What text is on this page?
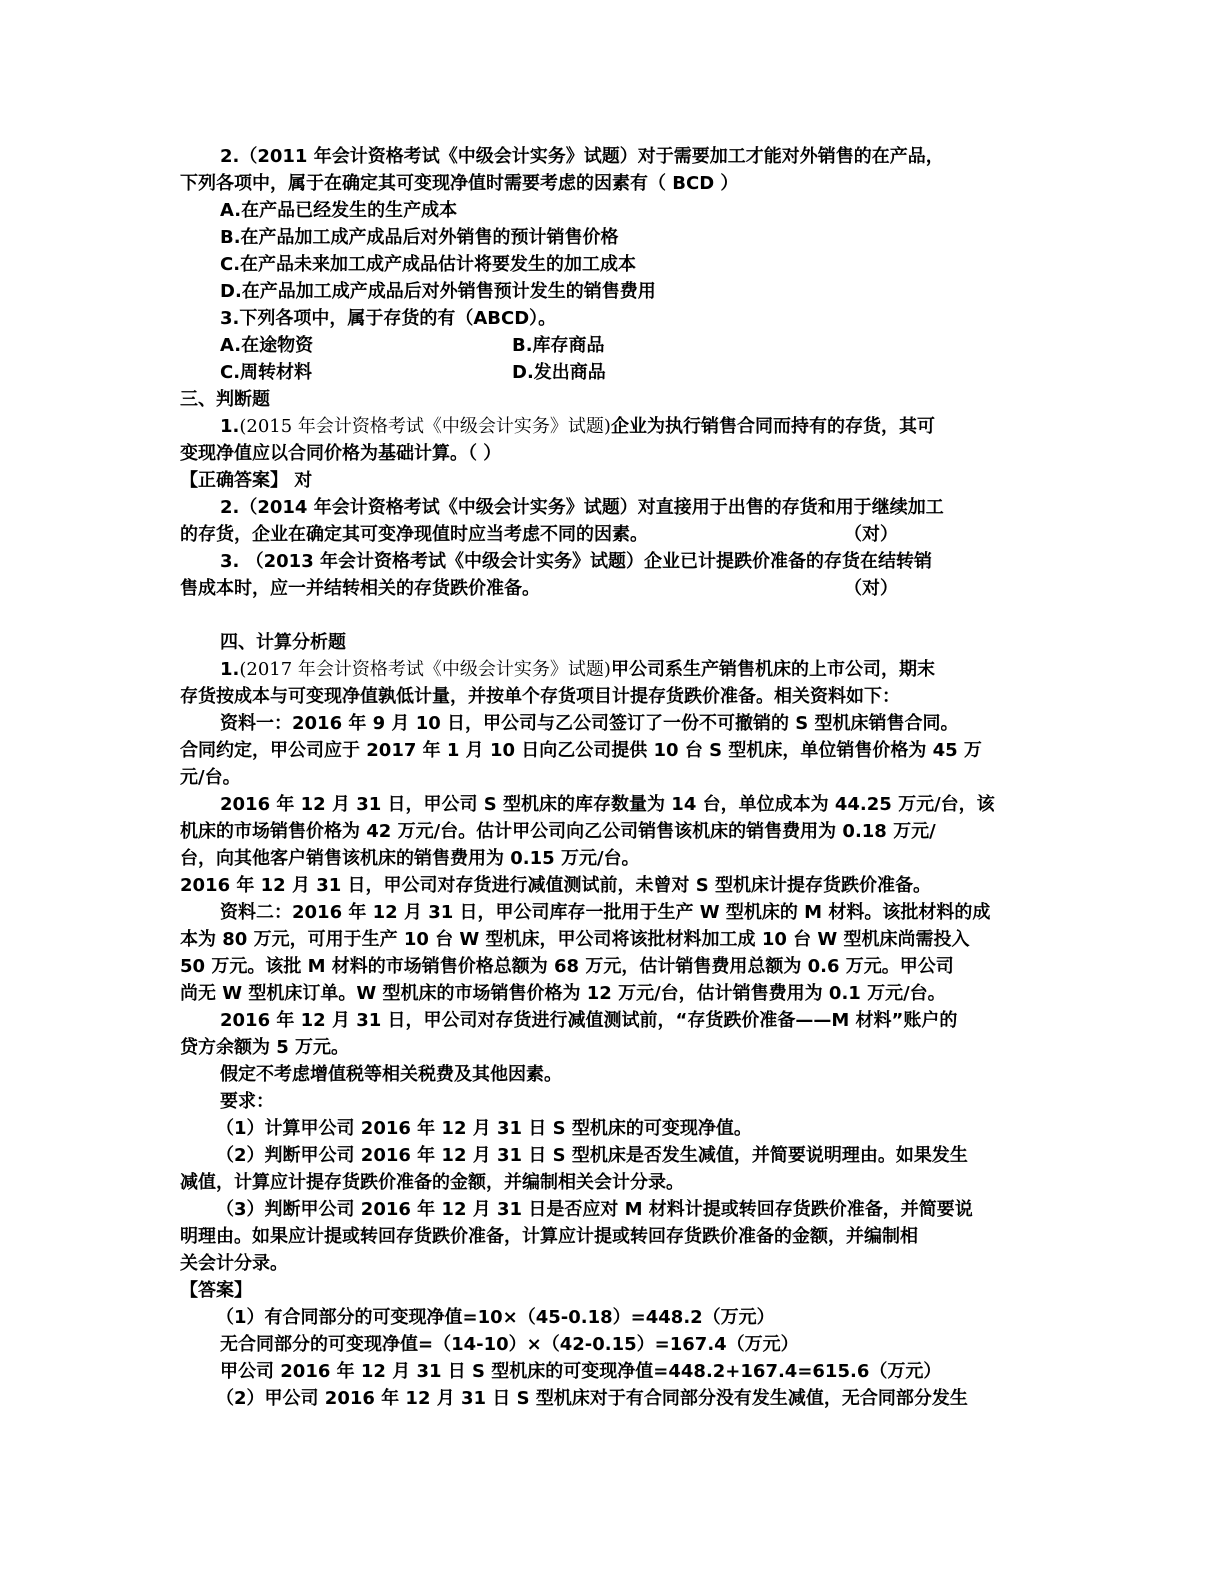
2.（2011 年会计资格考试《中级会计实务》试题）对于需要加工才能对外销售的在产品，
下列各项中，属于在确定其可变现净值时需要考虑的因素有（ BCD ）
A.在产品已经发生的生产成本
B.在产品加工成产成品后对外销售的预计销售价格
C.在产品未来加工成产成品估计将要发生的加工成本
D.在产品加工成产成品后对外销售预计发生的销售费用
3.下列各项中，属于存货的有（ABCD）。
A.在途物资	B.库存商品
C.周转材料	D.发出商品
三、判断题
1.(2015 年会计资格考试《中级会计实务》试题)企业为执行销售合同而持有的存货，其可
变现净值应以合同价格为基础计算。（ ）
【正确答案】 对
2.（2014 年会计资格考试《中级会计实务》试题）对直接用于出售的存货和用于继续加工
的存货，企业在确定其可变净现值时应当考虑不同的因素。	（对）
3. （2013 年会计资格考试《中级会计实务》试题）企业已计提跌价准备的存货在结转销
售成本时，应一并结转相关的存货跌价准备。	（对）
四、计算分析题
1.(2017 年会计资格考试《中级会计实务》试题)甲公司系生产销售机床的上市公司，期末
存货按成本与可变现净值孰低计量，并按单个存货项目计提存货跌价准备。相关资料如下：
资料一：2016 年 9 月 10 日，甲公司与乙公司签订了一份不可撤销的 S 型机床销售合同。
合同约定，甲公司应于 2017 年 1 月 10 日向乙公司提供 10 台 S 型机床，单位销售价格为 45 万
元/台。
2016 年 12 月 31 日，甲公司 S 型机床的库存数量为 14 台，单位成本为 44.25 万元/台，该
机床的市场销售价格为 42 万元/台。估计甲公司向乙公司销售该机床的销售费用为 0.18 万元/
台，向其他客户销售该机床的销售费用为 0.15 万元/台。
2016 年 12 月 31 日，甲公司对存货进行减值测试前，未曾对 S 型机床计提存货跌价准备。
资料二：2016 年 12 月 31 日，甲公司库存一批用于生产 W 型机床的 M 材料。该批材料的成
本为 80 万元，可用于生产 10 台 W 型机床，甲公司将该批材料加工成 10 台 W 型机床尚需投入
50 万元。该批 M 材料的市场销售价格总额为 68 万元，估计销售费用总额为 0.6 万元。甲公司
尚无 W 型机床订单。W 型机床的市场销售价格为 12 万元/台，估计销售费用为 0.1 万元/台。
2016 年 12 月 31 日，甲公司对存货进行减值测试前，“存货跌价准备——M 材料”账户的
贷方余额为 5 万元。
假定不考虑增值税等相关税费及其他因素。
要求：
（1）计算甲公司 2016 年 12 月 31 日 S 型机床的可变现净值。
（2）判断甲公司 2016 年 12 月 31 日 S 型机床是否发生减值，并简要说明理由。如果发生
减值，计算应计提存货跌价准备的金额，并编制相关会计分录。
（3）判断甲公司 2016 年 12 月 31 日是否应对 M 材料计提或转回存货跌价准备，并简要说
明理由。如果应计提或转回存货跌价准备，计算应计提或转回存货跌价准备的金额，并编制相
关会计分录。
【答案】
（1）有合同部分的可变现净值=10×（45-0.18）=448.2（万元）
无合同部分的可变现净值=（14-10）×（42-0.15）=167.4（万元）
甲公司 2016 年 12 月 31 日 S 型机床的可变现净值=448.2+167.4=615.6（万元）
（2）甲公司 2016 年 12 月 31 日 S 型机床对于有合同部分没有发生减值，无合同部分发生
